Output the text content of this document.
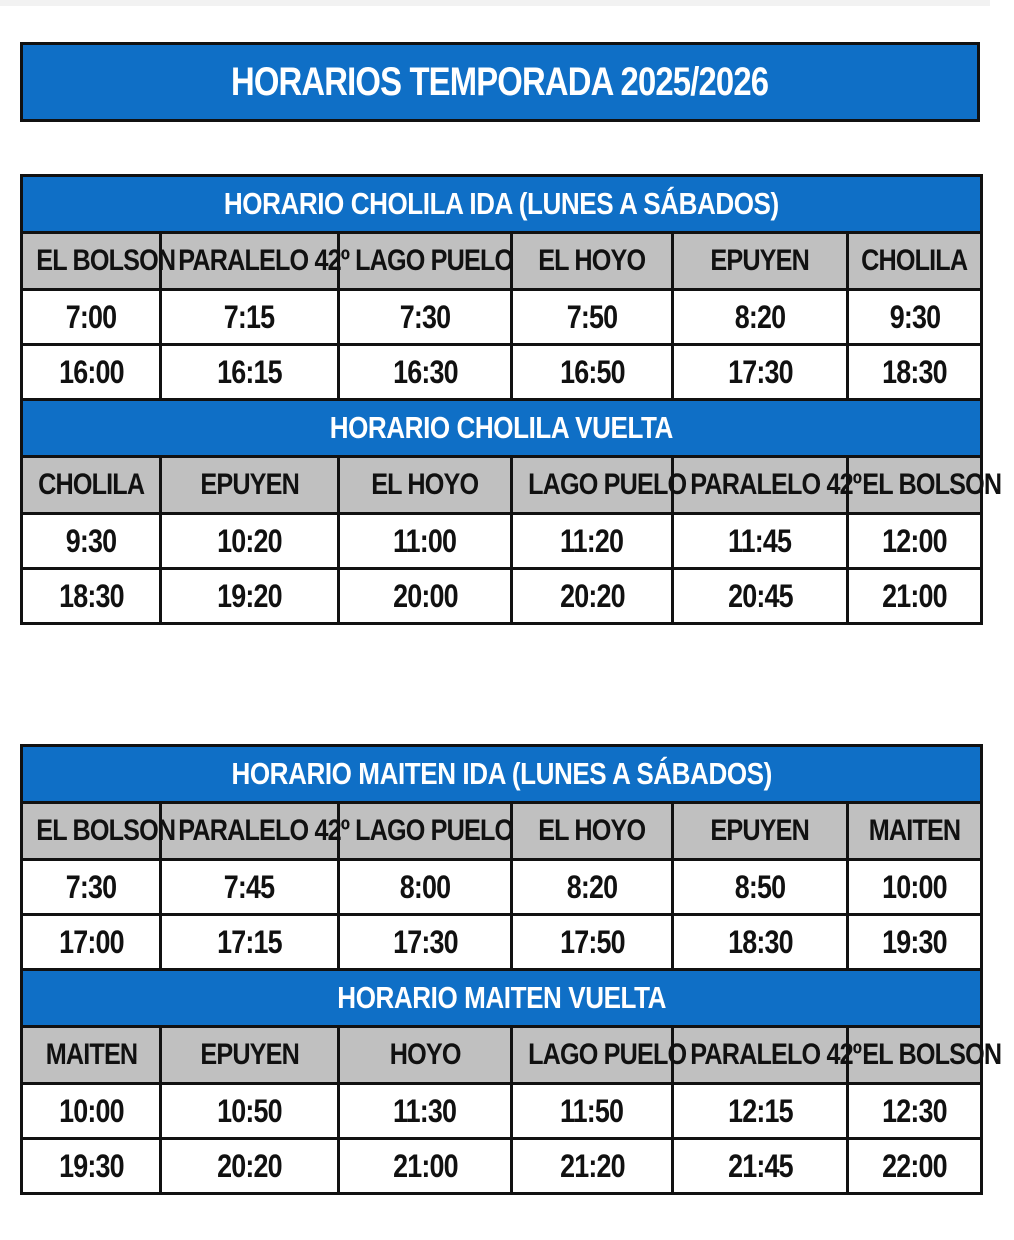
HORARIOS TEMPORADA 2025/2026
HORARIO CHOLILA IDA (LUNES A SÁBADOS)					
EL BOLSON	PARALELO 42º	LAGO PUELO	EL HOYO	EPUYEN	CHOLILA
7:00	7:15	7:30	7:50	8:20	9:30
16:00	16:15	16:30	16:50	17:30	18:30
HORARIO CHOLILA VUELTA					
CHOLILA	EPUYEN	EL HOYO	LAGO PUELO	PARALELO 42º	EL BOLSON
9:30	10:20	11:00	11:20	11:45	12:00
18:30	19:20	20:00	20:20	20:45	21:00
HORARIO MAITEN IDA (LUNES A SÁBADOS)					
EL BOLSON	PARALELO 42º	LAGO PUELO	EL HOYO	EPUYEN	MAITEN
7:30	7:45	8:00	8:20	8:50	10:00
17:00	17:15	17:30	17:50	18:30	19:30
HORARIO MAITEN VUELTA					
MAITEN	EPUYEN	HOYO	LAGO PUELO	PARALELO 42º	EL BOLSON
10:00	10:50	11:30	11:50	12:15	12:30
19:30	20:20	21:00	21:20	21:45	22:00
